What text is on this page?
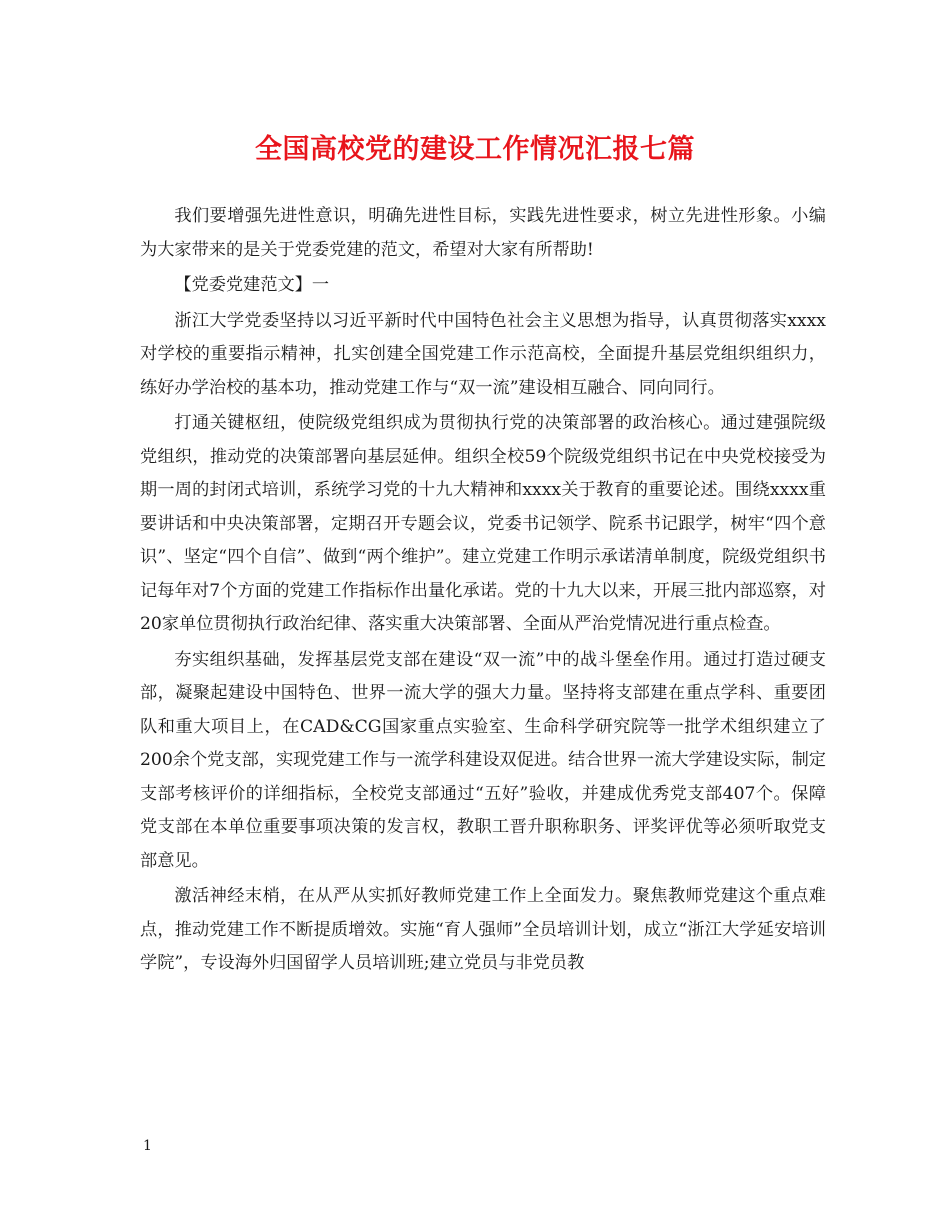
全国高校党的建设工作情况汇报七篇

我们要增强先进性意识，明确先进性目标，实践先进性要求，树立先进性形象。小编为大家带来的是关于党委党建的范文，希望对大家有所帮助!

【党委党建范文】一

浙江大学党委坚持以习近平新时代中国特色社会主义思想为指导，认真贯彻落实xxxx对学校的重要指示精神，扎实创建全国党建工作示范高校，全面提升基层党组织组织力，练好办学治校的基本功，推动党建工作与“双一流”建设相互融合、同向同行。

打通关键枢纽，使院级党组织成为贯彻执行党的决策部署的政治核心。通过建强院级党组织，推动党的决策部署向基层延伸。组织全校59个院级党组织书记在中央党校接受为期一周的封闭式培训，系统学习党的十九大精神和xxxx关于教育的重要论述。围绕xxxx重要讲话和中央决策部署，定期召开专题会议，党委书记领学、院系书记跟学，树牢“四个意识”、坚定“四个自信”、做到“两个维护”。建立党建工作明示承诺清单制度，院级党组织书记每年对7个方面的党建工作指标作出量化承诺。党的十九大以来，开展三批内部巡察，对20家单位贯彻执行政治纪律、落实重大决策部署、全面从严治党情况进行重点检查。

夯实组织基础，发挥基层党支部在建设“双一流”中的战斗堡垒作用。通过打造过硬支部，凝聚起建设中国特色、世界一流大学的强大力量。坚持将支部建在重点学科、重要团队和重大项目上，在CAD&CG国家重点实验室、生命科学研究院等一批学术组织建立了200余个党支部，实现党建工作与一流学科建设双促进。结合世界一流大学建设实际，制定支部考核评价的详细指标，全校党支部通过“五好”验收，并建成优秀党支部407个。保障党支部在本单位重要事项决策的发言权，教职工晋升职称职务、评奖评优等必须听取党支部意见。

激活神经末梢，在从严从实抓好教师党建工作上全面发力。聚焦教师党建这个重点难点，推动党建工作不断提质增效。实施“育人强师”全员培训计划，成立“浙江大学延安培训学院”，专设海外归国留学人员培训班;建立党员与非党员教

1
